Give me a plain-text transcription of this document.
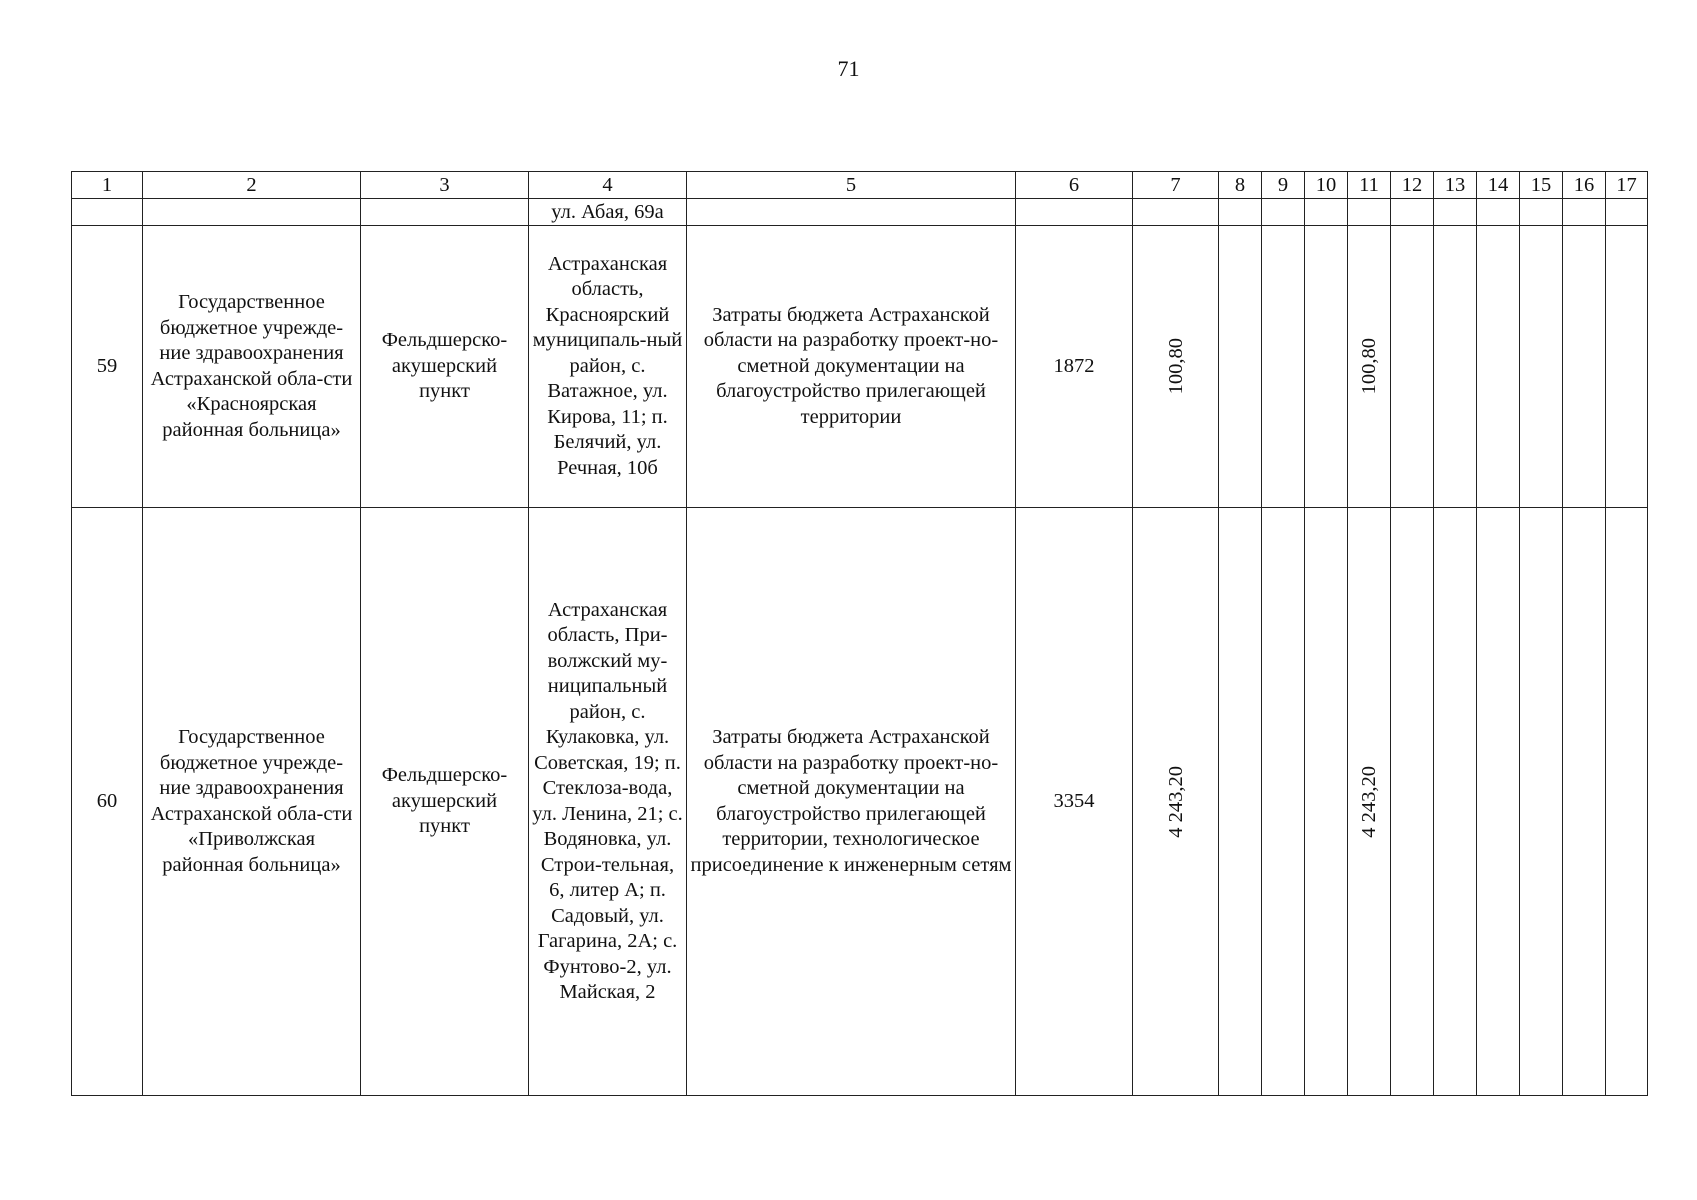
71
1	2	3	4	5	6	7	8	9	10	11	12	13	14	15	16	17
			ул. Абая, 69а													
59	Государственное бюджетное учрежде-ние здравоохранения Астраханской обла-сти «Красноярская районная больница»	Фельдшерско-акушерский пункт	Астраханская область, Красноярский муниципаль-ный район, с. Ватажное, ул. Кирова, 11; п. Белячий, ул. Речная, 10б	Затраты бюджета Астраханской области на разработку проект-но-сметной документации на благоустройство прилегающей территории	1872	100,80				100,80						

60	Государственное бюджетное учрежде-ние здравоохранения Астраханской обла-сти «Приволжская районная больница»	Фельдшерско-акушерский пункт	Астраханская область, При-волжский му-ниципальный район, с. Кулаковка, ул. Советская, 19; п. Стеклоза-вода, ул. Ленина, 21; с. Водяновка, ул. Строи-тельная, 6, литер А; п. Садовый, ул. Гагарина, 2А; с. Фунтово-2, ул. Майская, 2	Затраты бюджета Астраханской области на разработку проект-но-сметной документации на благоустройство прилегающей территории, технологическое присоединение к инженерным сетям	3354	4 243,20				4 243,20						
